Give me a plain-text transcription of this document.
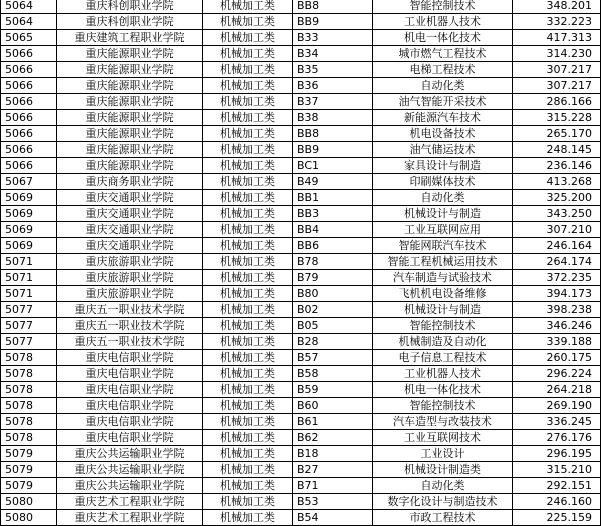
5064	重庆科创职业学院	机械加工类	BB8	智能控制技术	348.201
5064	重庆科创职业学院	机械加工类	BB9	工业机器人技术	332.223
5065	重庆建筑工程职业学院	机械加工类	B33	机电一体化技术	417.313
5066	重庆能源职业学院	机械加工类	B34	城市燃气工程技术	314.230
5066	重庆能源职业学院	机械加工类	B35	电梯工程技术	307.217
5066	重庆能源职业学院	机械加工类	B36	自动化类	307.217
5066	重庆能源职业学院	机械加工类	B37	油气智能开采技术	286.166
5066	重庆能源职业学院	机械加工类	B38	新能源汽车技术	315.228
5066	重庆能源职业学院	机械加工类	BB8	机电设备技术	265.170
5066	重庆能源职业学院	机械加工类	BB9	油气储运技术	248.145
5066	重庆能源职业学院	机械加工类	BC1	家具设计与制造	236.146
5067	重庆商务职业学院	机械加工类	B49	印刷媒体技术	413.268
5069	重庆交通职业学院	机械加工类	BB1	自动化类	325.200
5069	重庆交通职业学院	机械加工类	BB3	机械设计与制造	343.250
5069	重庆交通职业学院	机械加工类	BB4	工业互联网应用	307.210
5069	重庆交通职业学院	机械加工类	BB6	智能网联汽车技术	246.164
5071	重庆旅游职业学院	机械加工类	B78	智能工程机械运用技术	264.174
5071	重庆旅游职业学院	机械加工类	B79	汽车制造与试验技术	372.235
5071	重庆旅游职业学院	机械加工类	B80	飞机机电设备维修	394.173
5077	重庆五一职业技术学院	机械加工类	B02	机械设计与制造	398.238
5077	重庆五一职业技术学院	机械加工类	B05	智能控制技术	346.246
5077	重庆五一职业技术学院	机械加工类	B28	机械制造及自动化	339.188
5078	重庆电信职业学院	机械加工类	B57	电子信息工程技术	260.175
5078	重庆电信职业学院	机械加工类	B58	工业机器人技术	296.224
5078	重庆电信职业学院	机械加工类	B59	机电一体化技术	264.218
5078	重庆电信职业学院	机械加工类	B60	智能控制技术	269.190
5078	重庆电信职业学院	机械加工类	B61	汽车造型与改装技术	336.245
5078	重庆电信职业学院	机械加工类	B62	工业互联网技术	276.176
5079	重庆公共运输职业学院	机械加工类	B18	工业设计	296.195
5079	重庆公共运输职业学院	机械加工类	B27	机械设计制造类	315.210
5079	重庆公共运输职业学院	机械加工类	B71	自动化类	292.151
5080	重庆艺术工程职业学院	机械加工类	B53	数字化设计与制造技术	246.160
5080	重庆艺术工程职业学院	机械加工类	B54	市政工程技术	225.159
